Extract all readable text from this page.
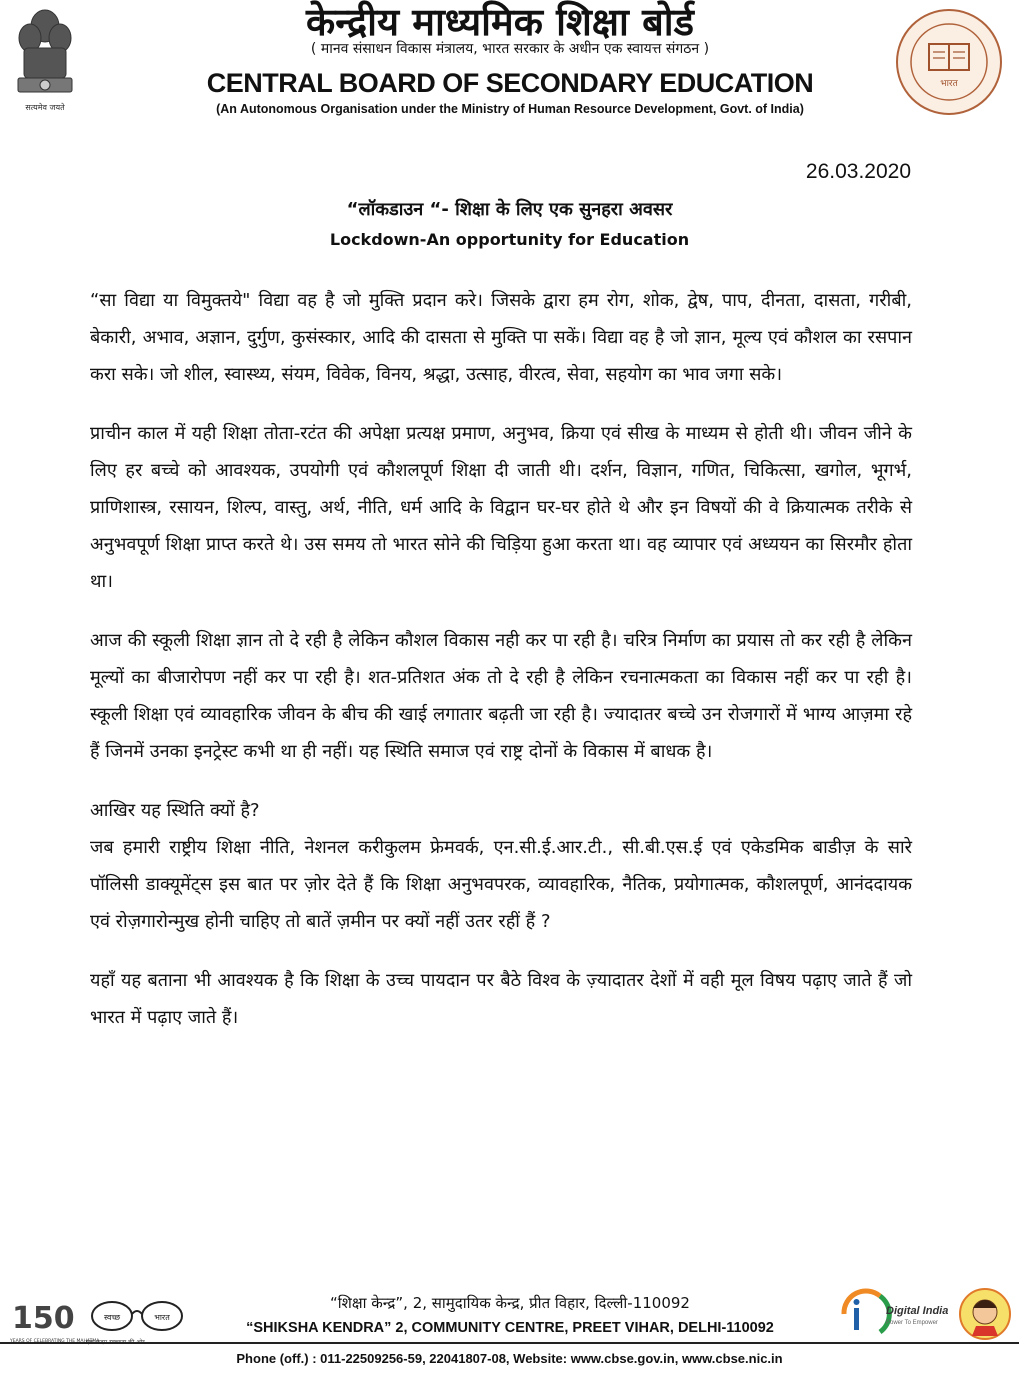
सत्यमेव जयते
केन्द्रीय माध्यमिक शिक्षा बोर्ड
( मानव संसाधन विकास मंत्रालय, भारत सरकार के अधीन एक स्वायत्त संगठन )
CENTRAL BOARD OF SECONDARY EDUCATION
(An Autonomous Organisation under the Ministry of Human Resource Development, Govt. of India)
भारत
26.03.2020
“लॉकडाउन “- शिक्षा के लिए एक सुनहरा अवसर
Lockdown-An opportunity for Education

“सा विद्या या विमुक्तये" विद्या वह है जो मुक्ति प्रदान करे। जिसके द्वारा हम रोग, शोक, द्वेष, पाप, दीनता, दासता, गरीबी, बेकारी, अभाव, अज्ञान, दुर्गुण, कुसंस्कार, आदि की दासता से मुक्ति पा सकें। विद्या वह है जो ज्ञान, मूल्य एवं कौशल का रसपान करा सके। जो शील, स्वास्थ्य, संयम, विवेक, विनय, श्रद्धा, उत्साह, वीरत्व, सेवा, सहयोग का भाव जगा सके।

प्राचीन काल में यही शिक्षा तोता-रटंत की अपेक्षा प्रत्यक्ष प्रमाण, अनुभव, क्रिया एवं सीख के माध्यम से होती थी। जीवन जीने के लिए हर बच्चे को आवश्यक, उपयोगी एवं कौशलपूर्ण शिक्षा दी जाती थी। दर्शन, विज्ञान, गणित, चिकित्सा, खगोल, भूगर्भ, प्राणिशास्त्र, रसायन, शिल्प, वास्तु, अर्थ, नीति, धर्म आदि के विद्वान घर-घर होते थे और इन विषयों की वे क्रियात्मक तरीके से अनुभवपूर्ण शिक्षा प्राप्त करते थे। उस समय तो भारत सोने की चिड़िया हुआ करता था। वह व्यापार एवं अध्ययन का सिरमौर होता था।

आज की स्कूली शिक्षा ज्ञान तो दे रही है लेकिन कौशल विकास नही कर पा रही है। चरित्र निर्माण का प्रयास तो कर रही है लेकिन मूल्यों का बीजारोपण नहीं कर पा रही है। शत-प्रतिशत अंक तो दे रही है लेकिन रचनात्मकता का विकास नहीं कर पा रही है। स्कूली शिक्षा एवं व्यावहारिक जीवन के बीच की खाई लगातार बढ़ती जा रही है। ज्यादातर बच्चे उन रोजगारों में भाग्य आज़मा रहे हैं जिनमें उनका इनट्रेस्ट कभी था ही नहीं। यह स्थिति समाज एवं राष्ट्र दोनों के विकास में बाधक है।

आखिर यह स्थिति क्यों है?

जब हमारी राष्ट्रीय शिक्षा नीति, नेशनल करीकुलम फ्रेमवर्क, एन.सी.ई.आर.टी., सी.बी.एस.ई एवं एकेडमिक बाडीज़ के सारे पॉलिसी डाक्यूमेंट्स इस बात पर ज़ोर देते हैं कि शिक्षा अनुभवपरक, व्यावहारिक, नैतिक, प्रयोगात्मक, कौशलपूर्ण, आनंददायक एवं रोज़गारोन्मुख होनी चाहिए तो बातें ज़मीन पर क्यों नहीं उतर रहीं हैं ?

यहाँ यह बताना भी आवश्यक है कि शिक्षा के उच्च पायदान पर बैठे विश्व के ज़्यादातर देशों में वही मूल विषय पढ़ाए जाते हैं जो भारत में पढ़ाए जाते हैं।

150	स्वच्छ	भारत
“शिक्षा केन्द्र”, 2, सामुदायिक केन्द्र, प्रीत विहार, दिल्ली-110092
“SHIKSHA KENDRA” 2, COMMUNITY CENTRE, PREET VIHAR, DELHI-110092
Digital India
Power To Empower
Phone (off.) : 011-22509256-59, 22041807-08, Website: www.cbse.gov.in, www.cbse.nic.in
